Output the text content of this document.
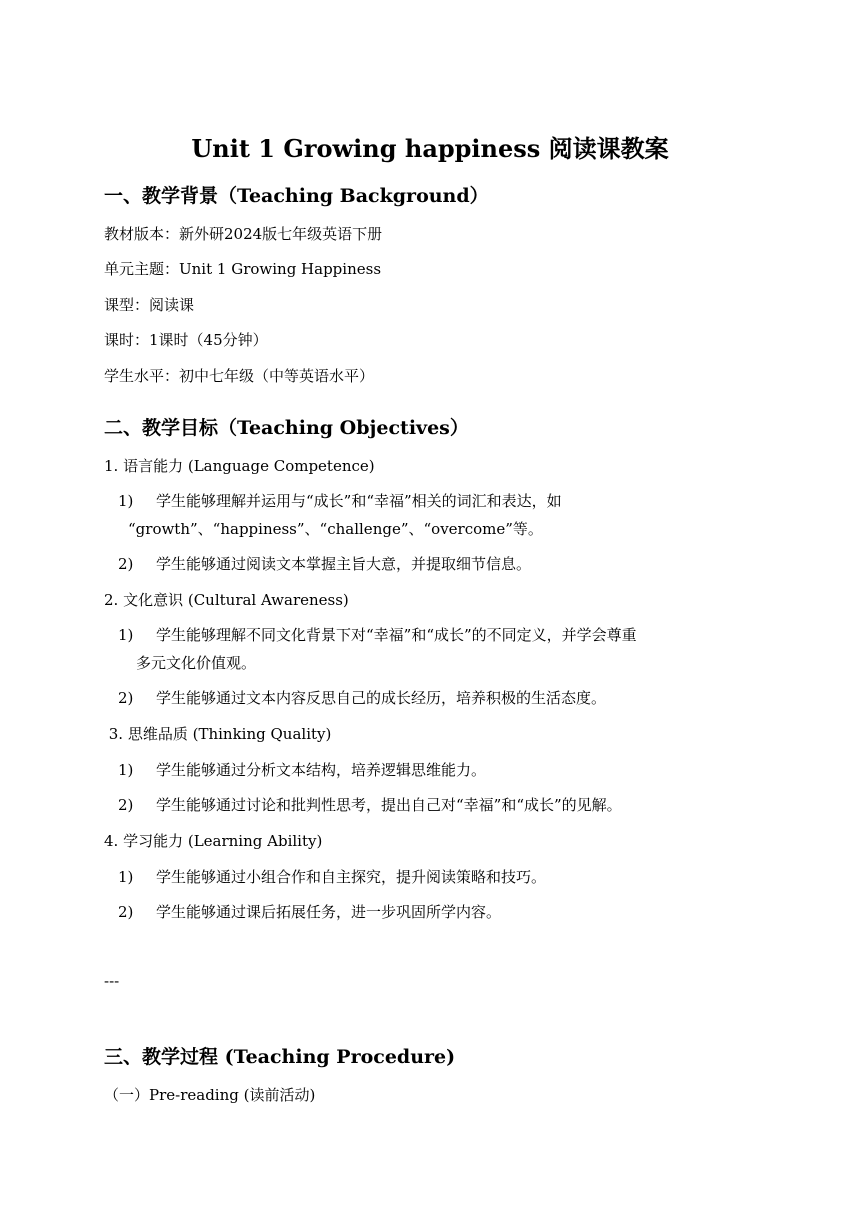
Unit 1 Growing happiness 阅读课教案
一、教学背景（Teaching Background）
教材版本：新外研2024版七年级英语下册
单元主题：Unit 1 Growing Happiness
课型：阅读课
课时：1课时（45分钟）
学生水平：初中七年级（中等英语水平）
二、教学目标（Teaching Objectives）
1. 语言能力 (Language Competence)
1) 学生能够理解并运用与“成长”和“幸福”相关的词汇和表达，如
“growth”、“happiness”、“challenge”、“overcome”等。
2) 学生能够通过阅读文本掌握主旨大意，并提取细节信息。
2. 文化意识 (Cultural Awareness)
1) 学生能够理解不同文化背景下对“幸福”和“成长”的不同定义，并学会尊重
多元文化价值观。
2) 学生能够通过文本内容反思自己的成长经历，培养积极的生活态度。
3. 思维品质 (Thinking Quality)
1) 学生能够通过分析文本结构，培养逻辑思维能力。
2) 学生能够通过讨论和批判性思考，提出自己对“幸福”和“成长”的见解。
4. 学习能力 (Learning Ability)
1) 学生能够通过小组合作和自主探究，提升阅读策略和技巧。
2) 学生能够通过课后拓展任务，进一步巩固所学内容。
---
三、教学过程 (Teaching Procedure)
（一）Pre-reading (读前活动)
